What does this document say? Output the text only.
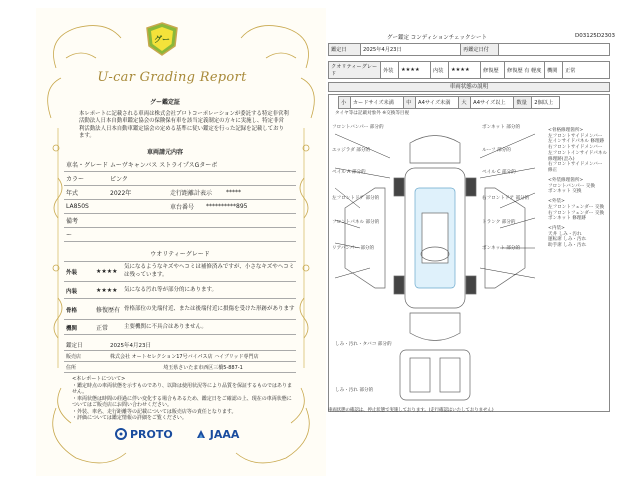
グー
U-car Grading Report
グー鑑定証
本レポートに記載される車両は株式会社プロトコーポレーションが委託する特定非営利活動法人日本自動車鑑定協会の保険保有車を該当定義制定の方々に実施し、特定非営利活動法人日本自動車鑑定協会の定める基準に従い鑑定を行った記録を記載しております。
車両請元内容
車名・グレード ムーヴキャンバス ストライプスGターボ
カラー	ピンク
年式	2022年	走行距離計表示	*****
LA850S	車台番号	**********895
備考
ー
ウオリティーグレード
外装	★★★★
気になるようなキズやヘコミは補修済みですが、小さなキズやヘコミは残っています。
内装	★★★★	気になる汚れ等が部分的にあります。
骨格	修復歴有 骨格部位の先端付近、または後端付近に損傷を受けた形跡があります
機関	正常	主要機関に不具合はありません。
鑑定日	2025年4月23日
販売店	株式会社 オートセレクション17号バイパス店 ハイブリッド専門店
住所	埼玉県さいたま市西区三橋5-887-1
<本レポートについて>
・鑑定時点の車両状態を示すものであり、以降は使用状況等により品質を保証するものではありません。
・車両状態は時間の経過に伴い変化する場合もあるため、鑑定日をご確認の上、現在の車両状態についてはご販売店にお問い合わせください。
・外装、車名、走行距離等の記載については販売店等の責任となります。
・評価については鑑定情報の詳細をご覧ください。
PROTO	JAAA
グー鑑定 コンディションチェックシート	D03125D2303
鑑定日	2025年4月23日	再鑑定日付	
クオリティーグレード	外装	★★★★	内装	★★★★	修復歴	修復歴 有 軽度	機関	正常
車両状態の説明
小	カードサイズ未満	中	A4サイズ未満	大	A4サイズ以上	数量	2個以上
タイヤ等は記載対象外 ※交換等目視
フロントバンパー 部分的
エッジラダ 部分的
ペイル A 部分的
左フロントドア 部分的
フロントパネル 部分的
リアバンパー 部分的
ボンネット 部分的
ルーフ 部分的
ペイル C 部分的
右フロントドア 部分的
トランク 部分的
ボンネット 部分的
しみ・汚れ・タバコ 部分的
しみ・汚れ 部分的
<骨格修理箇所>
左フロントサイドメンバー
左インサイドパネル 修理跡
右フロントサイドメンバー
左フロントインサイドパネル 修理跡(歪み)
右フロントサイドメンバー 修正
<外装修理箇所>
フロントバンパー 交換
ボンネット 交換
<外装>
左フロントフェンダー 交換
右フロントフェンダー 交換
ボンネット 修理跡
<内装>
天井 しみ・汚れ
運転席 しみ・汚れ
助手席 しみ・汚れ
車両状態の確認は、停止状態で実施しております。(走行確認はいたしておりません)
